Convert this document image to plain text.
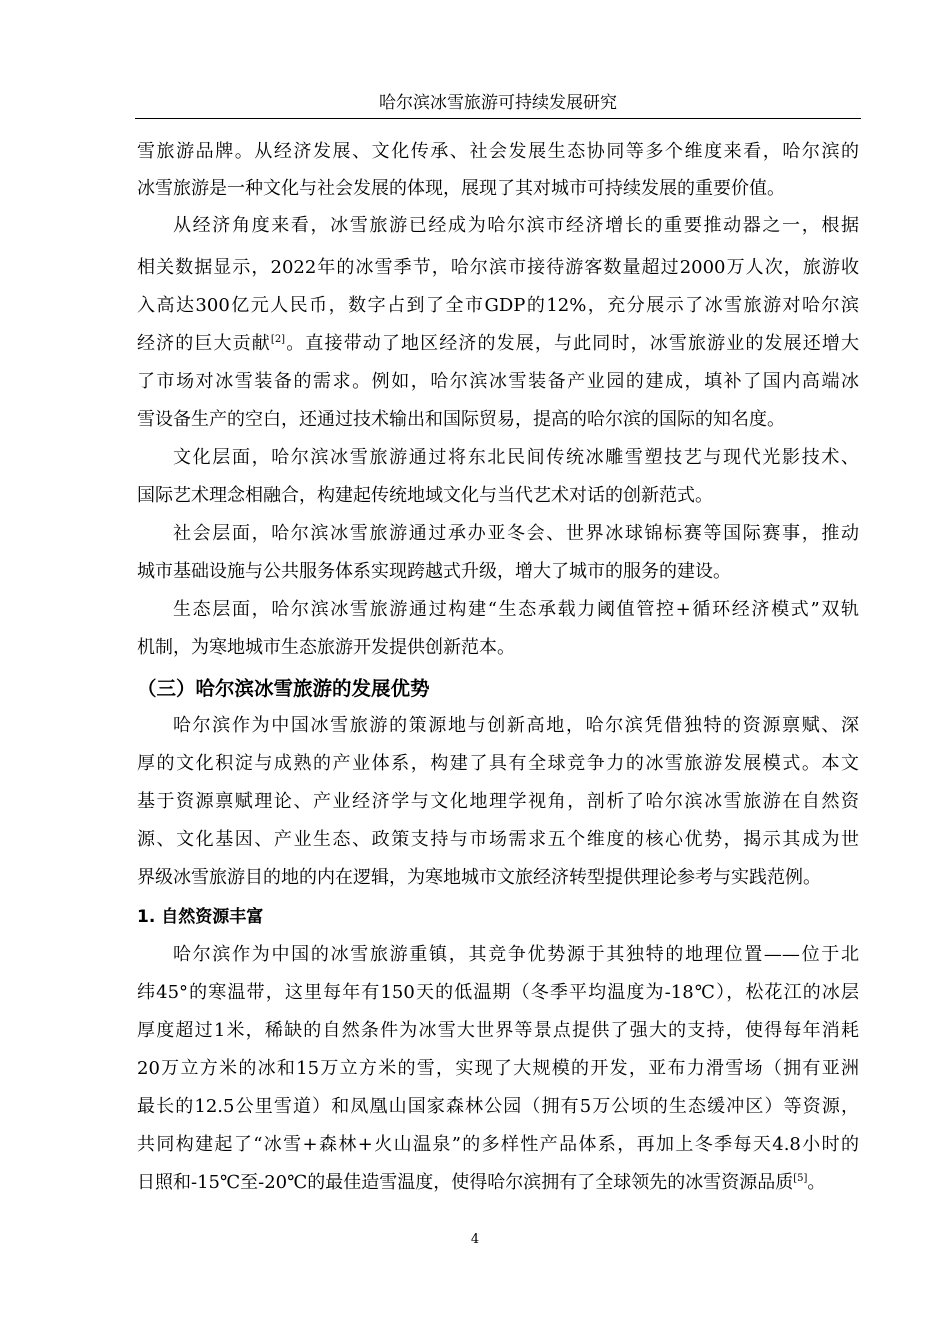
哈尔滨冰雪旅游可持续发展研究
雪旅游品牌。从经济发展、文化传承、社会发展生态协同等多个维度来看，哈尔滨的
冰雪旅游是一种文化与社会发展的体现，展现了其对城市可持续发展的重要价值。
从经济角度来看，冰雪旅游已经成为哈尔滨市经济增长的重要推动器之一，根据
相关数据显示，2022年的冰雪季节，哈尔滨市接待游客数量超过2000万人次，旅游收
入高达300亿元人民币，数字占到了全市GDP的12%，充分展示了冰雪旅游对哈尔滨
经济的巨大贡献[2]。直接带动了地区经济的发展，与此同时，冰雪旅游业的发展还增大
了市场对冰雪装备的需求。例如，哈尔滨冰雪装备产业园的建成，填补了国内高端冰
雪设备生产的空白，还通过技术输出和国际贸易，提高的哈尔滨的国际的知名度。
文化层面，哈尔滨冰雪旅游通过将东北民间传统冰雕雪塑技艺与现代光影技术、
国际艺术理念相融合，构建起传统地域文化与当代艺术对话的创新范式。
社会层面，哈尔滨冰雪旅游通过承办亚冬会、世界冰球锦标赛等国际赛事，推动
城市基础设施与公共服务体系实现跨越式升级，增大了城市的服务的建设。
生态层面，哈尔滨冰雪旅游通过构建“生态承载力阈值管控+循环经济模式”双轨
机制，为寒地城市生态旅游开发提供创新范本。
（三）哈尔滨冰雪旅游的发展优势
哈尔滨作为中国冰雪旅游的策源地与创新高地，哈尔滨凭借独特的资源禀赋、深
厚的文化积淀与成熟的产业体系，构建了具有全球竞争力的冰雪旅游发展模式。本文
基于资源禀赋理论、产业经济学与文化地理学视角，剖析了哈尔滨冰雪旅游在自然资
源、文化基因、产业生态、政策支持与市场需求五个维度的核心优势，揭示其成为世
界级冰雪旅游目的地的内在逻辑，为寒地城市文旅经济转型提供理论参考与实践范例。
1. 自然资源丰富
哈尔滨作为中国的冰雪旅游重镇，其竞争优势源于其独特的地理位置——位于北
纬45°的寒温带，这里每年有150天的低温期（冬季平均温度为-18℃），松花江的冰层
厚度超过1米，稀缺的自然条件为冰雪大世界等景点提供了强大的支持，使得每年消耗
20万立方米的冰和15万立方米的雪，实现了大规模的开发，亚布力滑雪场（拥有亚洲
最长的12.5公里雪道）和凤凰山国家森林公园（拥有5万公顷的生态缓冲区）等资源，
共同构建起了“冰雪+森林+火山温泉”的多样性产品体系，再加上冬季每天4.8小时的
日照和-15℃至-20℃的最佳造雪温度，使得哈尔滨拥有了全球领先的冰雪资源品质[5]。
4
